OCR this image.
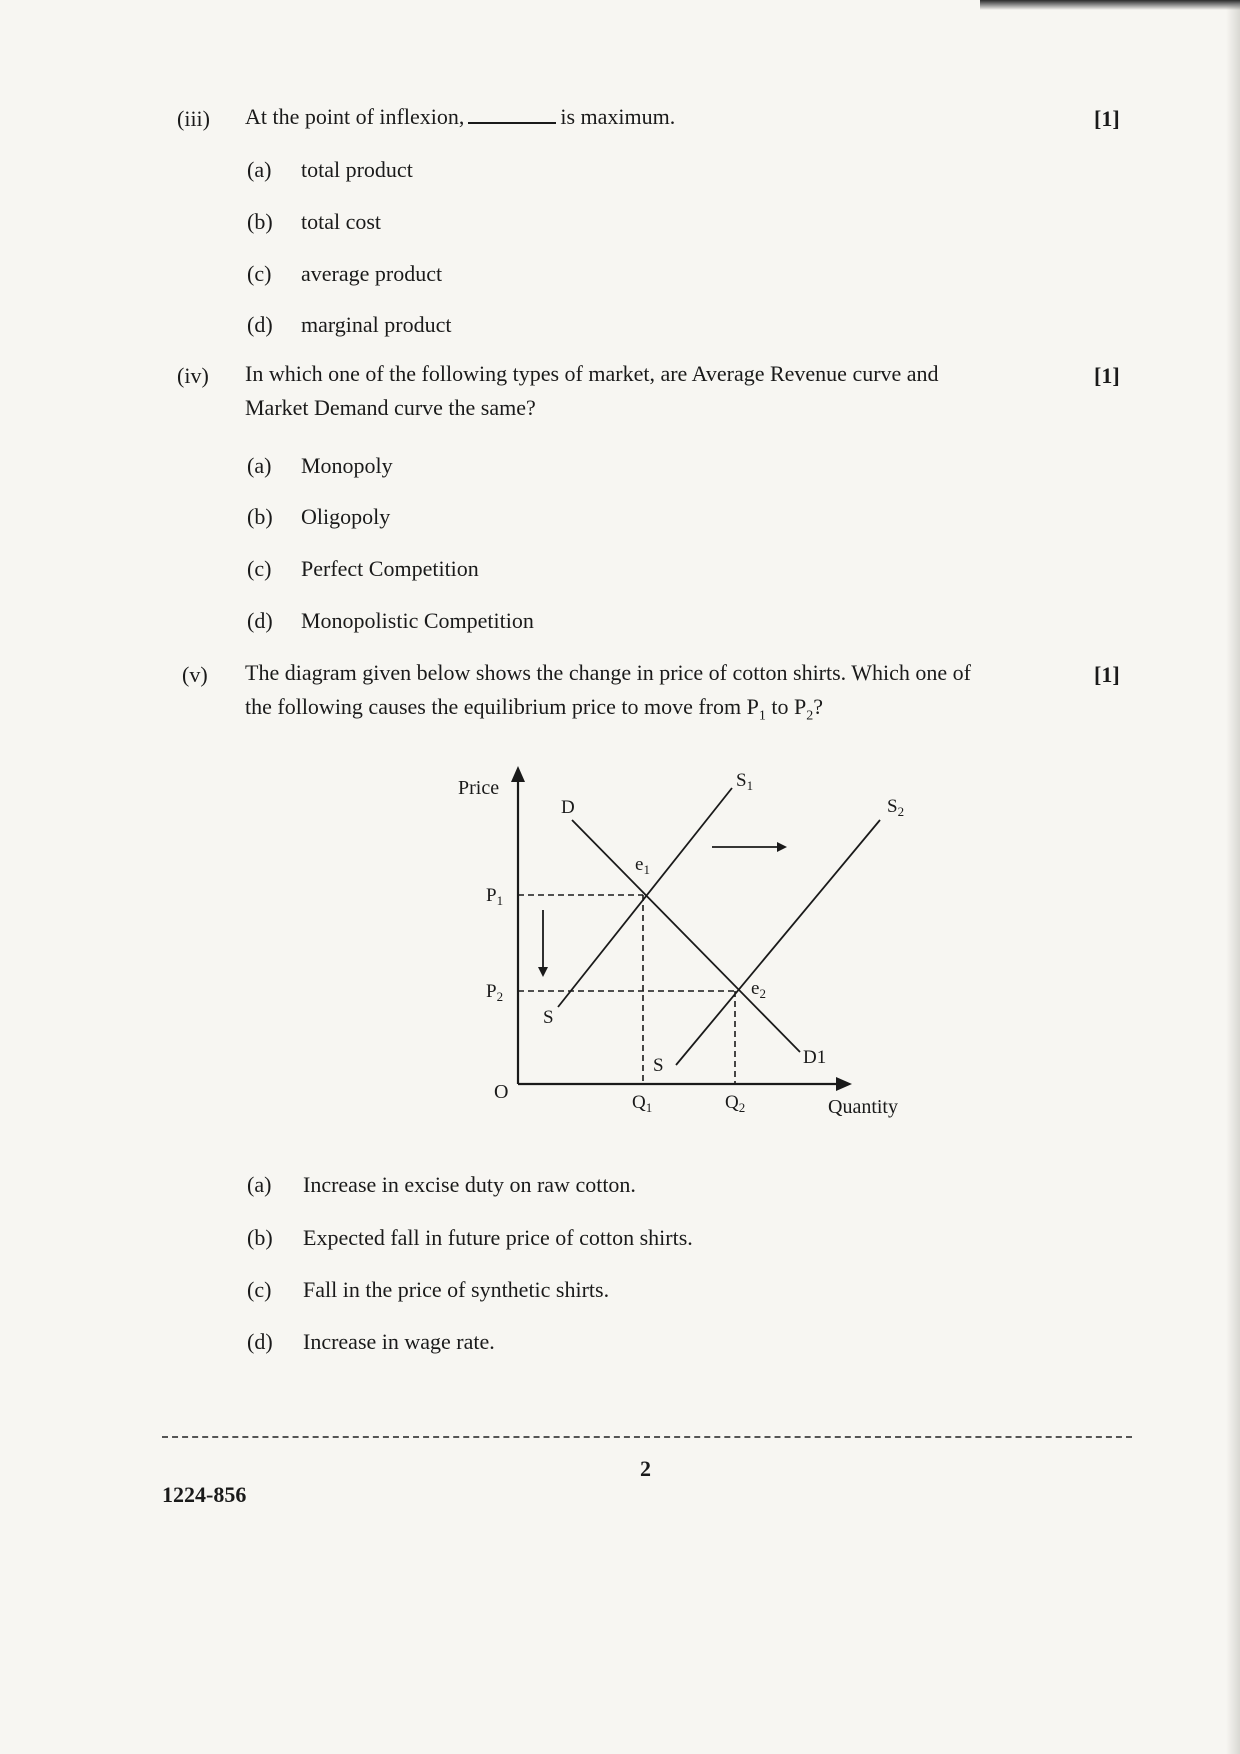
(iii) At the point of inflexion,	is maximum.	[1]
(a) total product
(b) total cost
(c) average product
(d) marginal product
(iv) In which one of the following types of market, are Average Revenue curve and
Market Demand curve the same?
[1]
(a) Monopoly
(b) Oligopoly
(c) Perfect Competition
(d) Monopolistic Competition
(v) The diagram given below shows the change in price of cotton shirts. Which one of
the following causes the equilibrium price to move from $P_1$ to $P_2$?
[1]
Price
Quantity
O
$P_1$
$P_2$
$Q_1$	$Q_2$
D
D1
$S_1$
S
$S_2$
S
$e_1$
$e_2$
(a) Increase in excise duty on raw cotton.
(b) Expected fall in future price of cotton shirts.
(c) Fall in the price of synthetic shirts.
(d) Increase in wage rate.
2
1224-856
